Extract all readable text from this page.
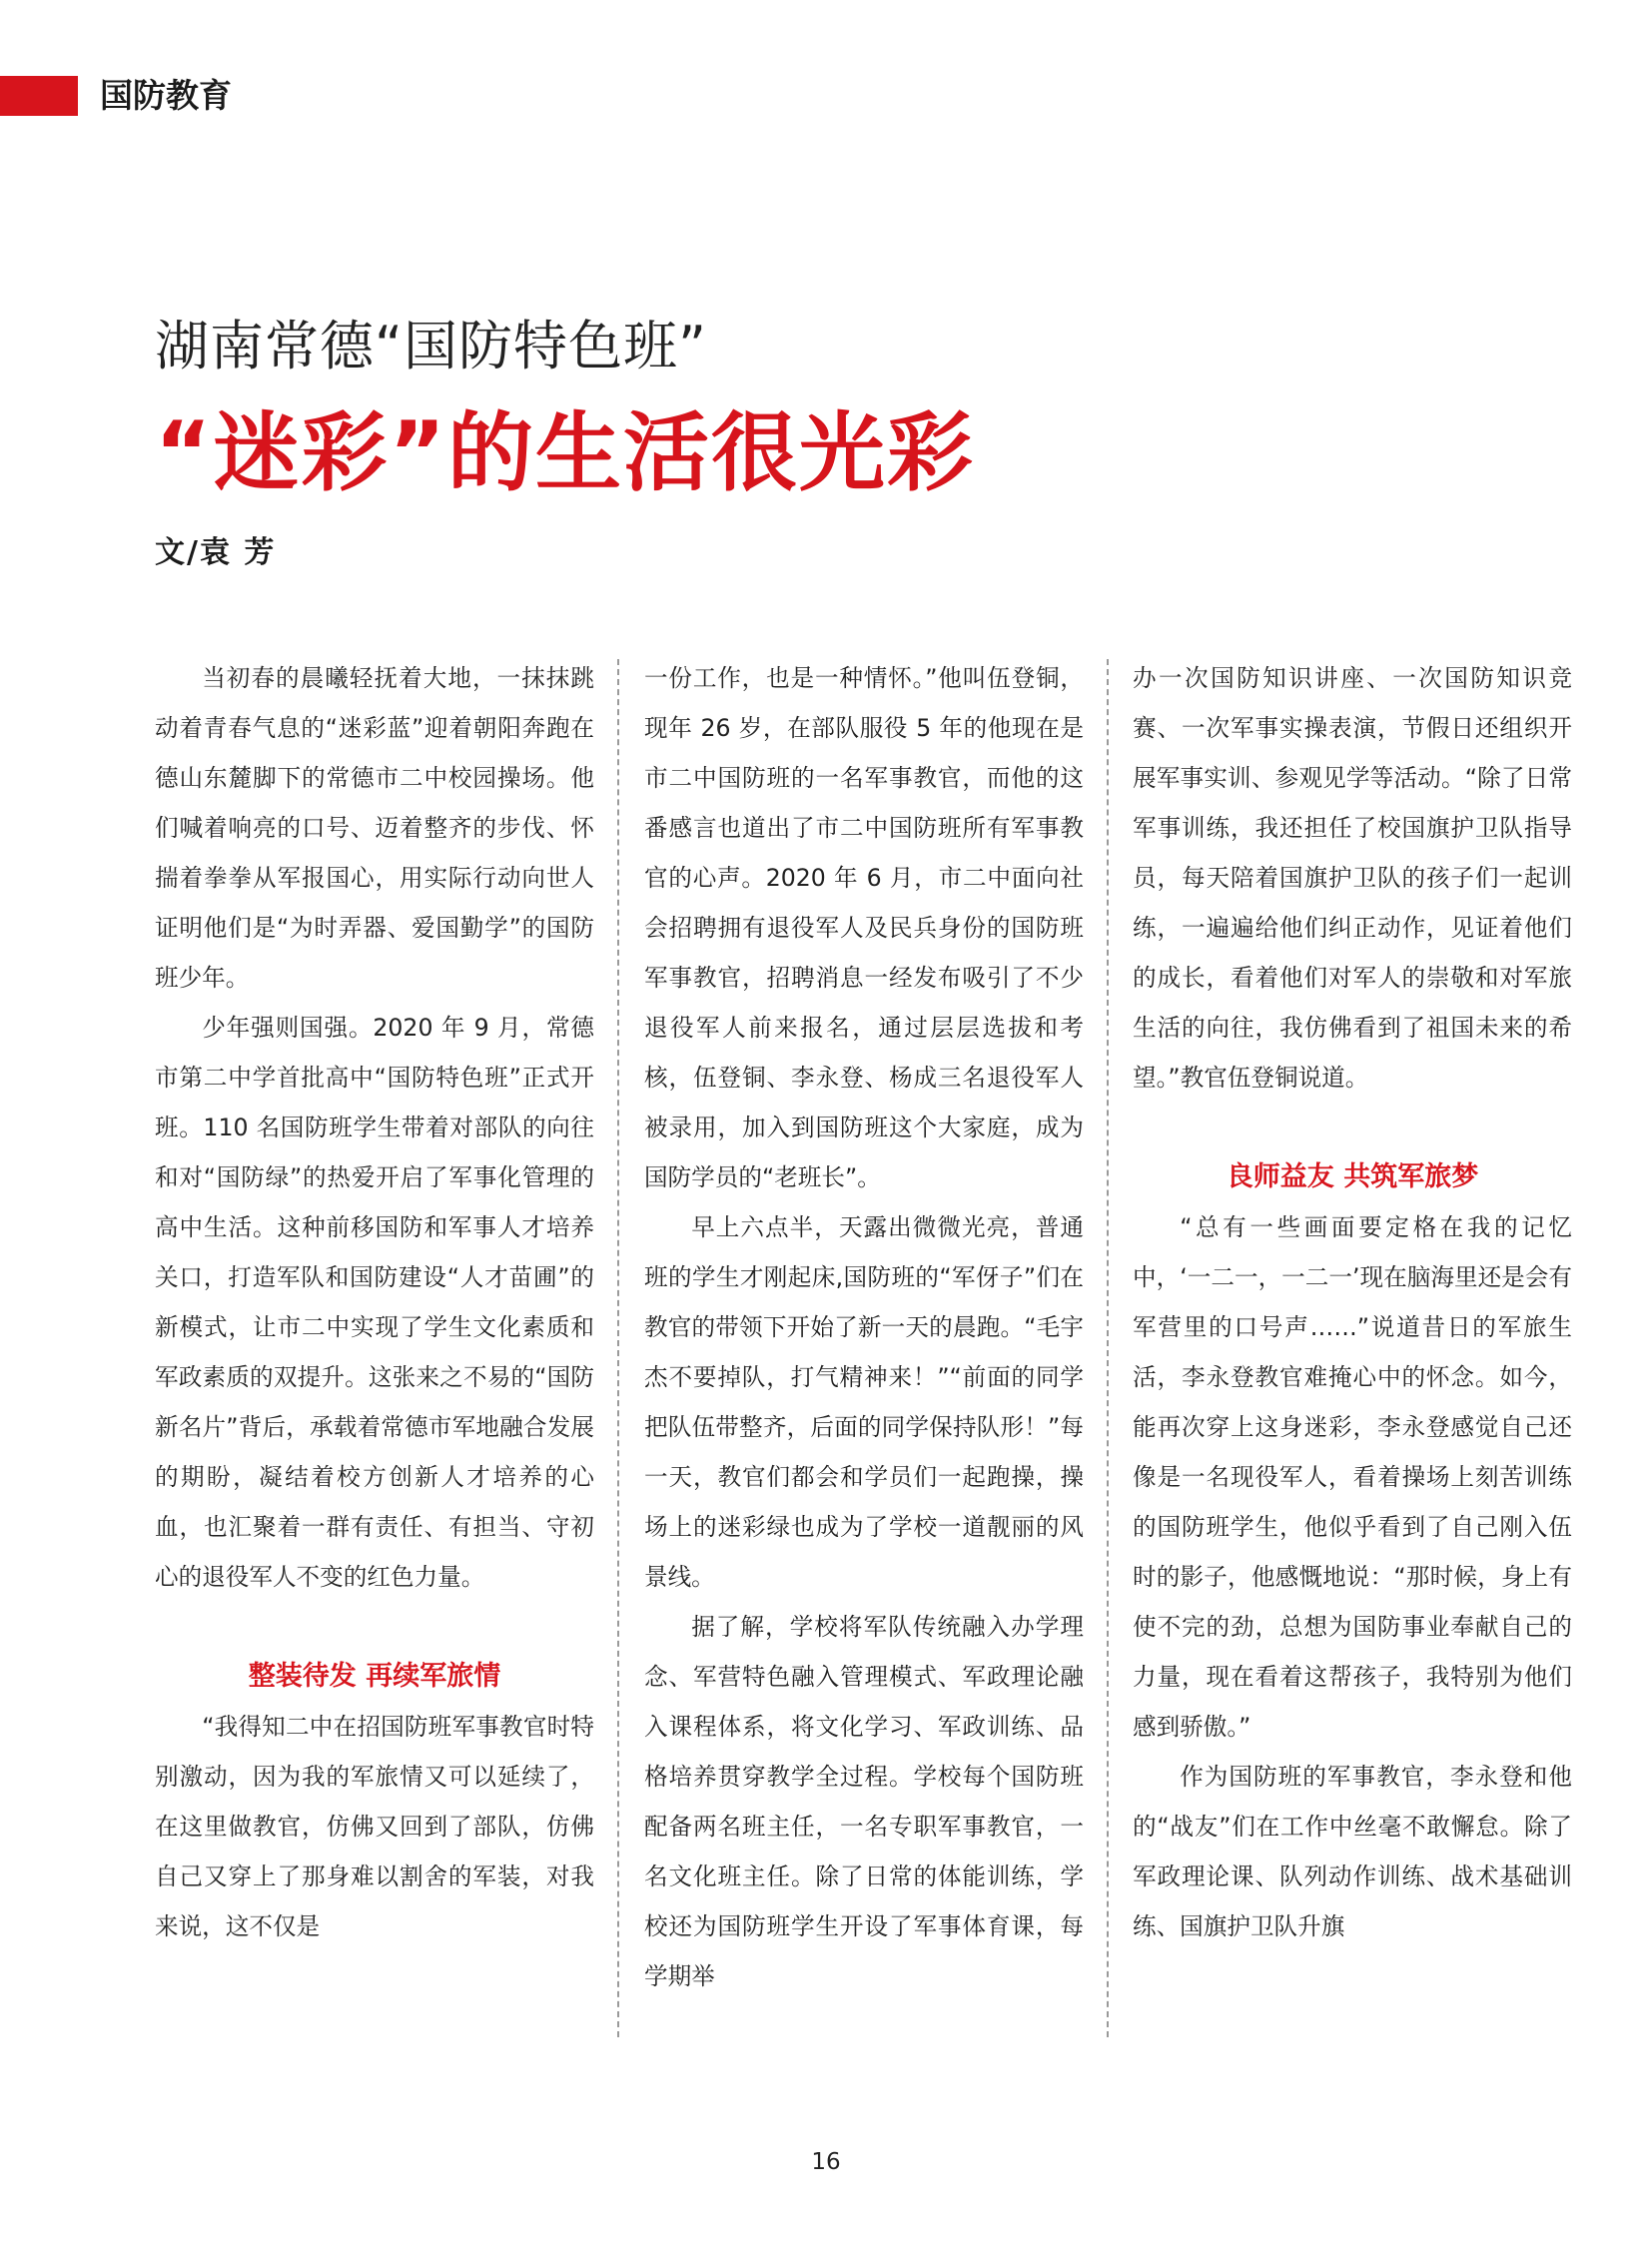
国防教育
湖南常德“国防特色班”
“迷彩”的生活很光彩
文/袁 芳

当初春的晨曦轻抚着大地，一抹抹跳动着青春气息的“迷彩蓝”迎着朝阳奔跑在德山东麓脚下的常德市二中校园操场。他们喊着响亮的口号、迈着整齐的步伐、怀揣着拳拳从军报国心，用实际行动向世人证明他们是“为时弄器、爱国勤学”的国防班少年。

少年强则国强。2020 年 9 月，常德市第二中学首批高中“国防特色班”正式开班。110 名国防班学生带着对部队的向往和对“国防绿”的热爱开启了军事化管理的高中生活。这种前移国防和军事人才培养关口，打造军队和国防建设“人才苗圃”的新模式，让市二中实现了学生文化素质和军政素质的双提升。这张来之不易的“国防新名片”背后，承载着常德市军地融合发展的期盼，凝结着校方创新人才培养的心血，也汇聚着一群有责任、有担当、守初心的退役军人不变的红色力量。

整装待发 再续军旅情

“我得知二中在招国防班军事教官时特别激动，因为我的军旅情又可以延续了，在这里做教官，仿佛又回到了部队，仿佛自己又穿上了那身难以割舍的军装，对我来说，这不仅是

一份工作，也是一种情怀。”他叫伍登铜，现年 26 岁，在部队服役 5 年的他现在是市二中国防班的一名军事教官，而他的这番感言也道出了市二中国防班所有军事教官的心声。2020 年 6 月，市二中面向社会招聘拥有退役军人及民兵身份的国防班军事教官，招聘消息一经发布吸引了不少退役军人前来报名，通过层层选拔和考核，伍登铜、李永登、杨成三名退役军人被录用，加入到国防班这个大家庭，成为国防学员的“老班长”。

早上六点半，天露出微微光亮，普通班的学生才刚起床,国防班的“军伢子”们在教官的带领下开始了新一天的晨跑。“毛宇杰不要掉队，打气精神来！”“前面的同学把队伍带整齐，后面的同学保持队形！”每一天，教官们都会和学员们一起跑操，操场上的迷彩绿也成为了学校一道靓丽的风景线。

据了解，学校将军队传统融入办学理念、军营特色融入管理模式、军政理论融入课程体系，将文化学习、军政训练、品格培养贯穿教学全过程。学校每个国防班配备两名班主任，一名专职军事教官，一名文化班主任。除了日常的体能训练，学校还为国防班学生开设了军事体育课，每学期举

办一次国防知识讲座、一次国防知识竞赛、一次军事实操表演，节假日还组织开展军事实训、参观见学等活动。“除了日常军事训练，我还担任了校国旗护卫队指导员，每天陪着国旗护卫队的孩子们一起训练，一遍遍给他们纠正动作，见证着他们的成长，看着他们对军人的崇敬和对军旅生活的向往，我仿佛看到了祖国未来的希望。”教官伍登铜说道。

良师益友 共筑军旅梦

“总有一些画面要定格在我的记忆中，‘一二一，一二一’现在脑海里还是会有军营里的口号声……”说道昔日的军旅生活，李永登教官难掩心中的怀念。如今，能再次穿上这身迷彩，李永登感觉自己还像是一名现役军人，看着操场上刻苦训练的国防班学生，他似乎看到了自己刚入伍时的影子，他感慨地说：“那时候，身上有使不完的劲，总想为国防事业奉献自己的力量，现在看着这帮孩子，我特别为他们感到骄傲。”

作为国防班的军事教官，李永登和他的“战友”们在工作中丝毫不敢懈怠。除了军政理论课、队列动作训练、战术基础训练、国旗护卫队升旗

16
